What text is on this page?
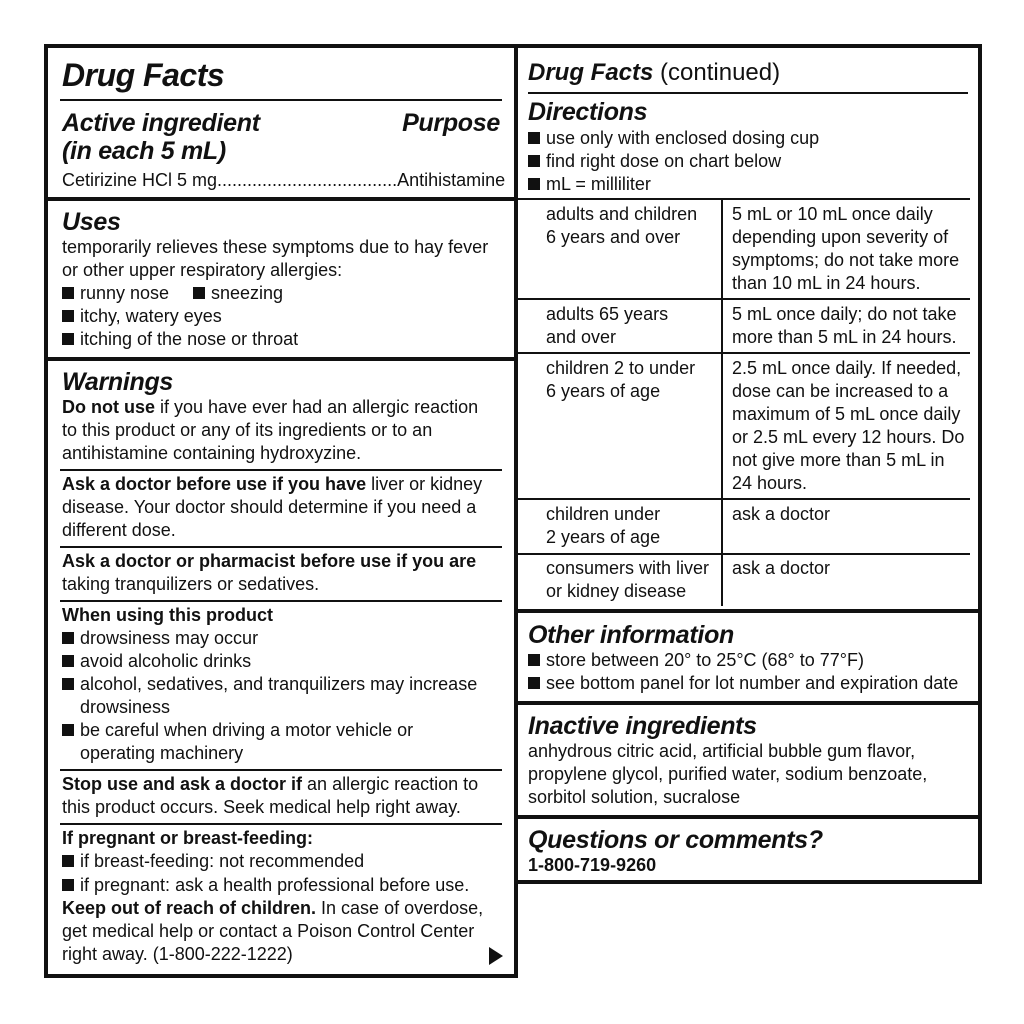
Drug Facts
Active ingredient
(in each 5 mL)
Purpose
Cetirizine HCl 5 mg....................................Antihistamine
Uses
temporarily relieves these symptoms due to hay fever
or other upper respiratory allergies:
runny nose	sneezing
itchy, watery eyes
itching of the nose or throat
Warnings
Do not use if you have ever had an allergic reaction
to this product or any of its ingredients or to an
antihistamine containing hydroxyzine.
Ask a doctor before use if you have liver or kidney
disease. Your doctor should determine if you need a
different dose.
Ask a doctor or pharmacist before use if you are
taking tranquilizers or sedatives.
When using this product
drowsiness may occur
avoid alcoholic drinks
alcohol, sedatives, and tranquilizers may increase
drowsiness
be careful when driving a motor vehicle or
operating machinery
Stop use and ask a doctor if an allergic reaction to
this product occurs. Seek medical help right away.
If pregnant or breast-feeding:
if breast-feeding: not recommended
if pregnant: ask a health professional before use.
Keep out of reach of children. In case of overdose,
get medical help or contact a Poison Control Center
right away. (1-800-222-1222)
Drug Facts (continued)
Directions
use only with enclosed dosing cup
find right dose on chart below
mL = milliliter
adults and children
6 years and over
5 mL or 10 mL once daily
depending upon severity of
symptoms; do not take more
than 10 mL in 24 hours.
adults 65 years
and over
5 mL once daily; do not take
more than 5 mL in 24 hours.
children 2 to under
6 years of age
2.5 mL once daily. If needed,
dose can be increased to a
maximum of 5 mL once daily
or 2.5 mL every 12 hours. Do
not give more than 5 mL in
24 hours.
children under
2 years of age
ask a doctor
consumers with liver
or kidney disease
ask a doctor
Other information
store between 20° to 25°C (68° to 77°F)
see bottom panel for lot number and expiration date
Inactive ingredients
anhydrous citric acid, artificial bubble gum flavor,
propylene glycol, purified water, sodium benzoate,
sorbitol solution, sucralose
Questions or comments?
1-800-719-9260
